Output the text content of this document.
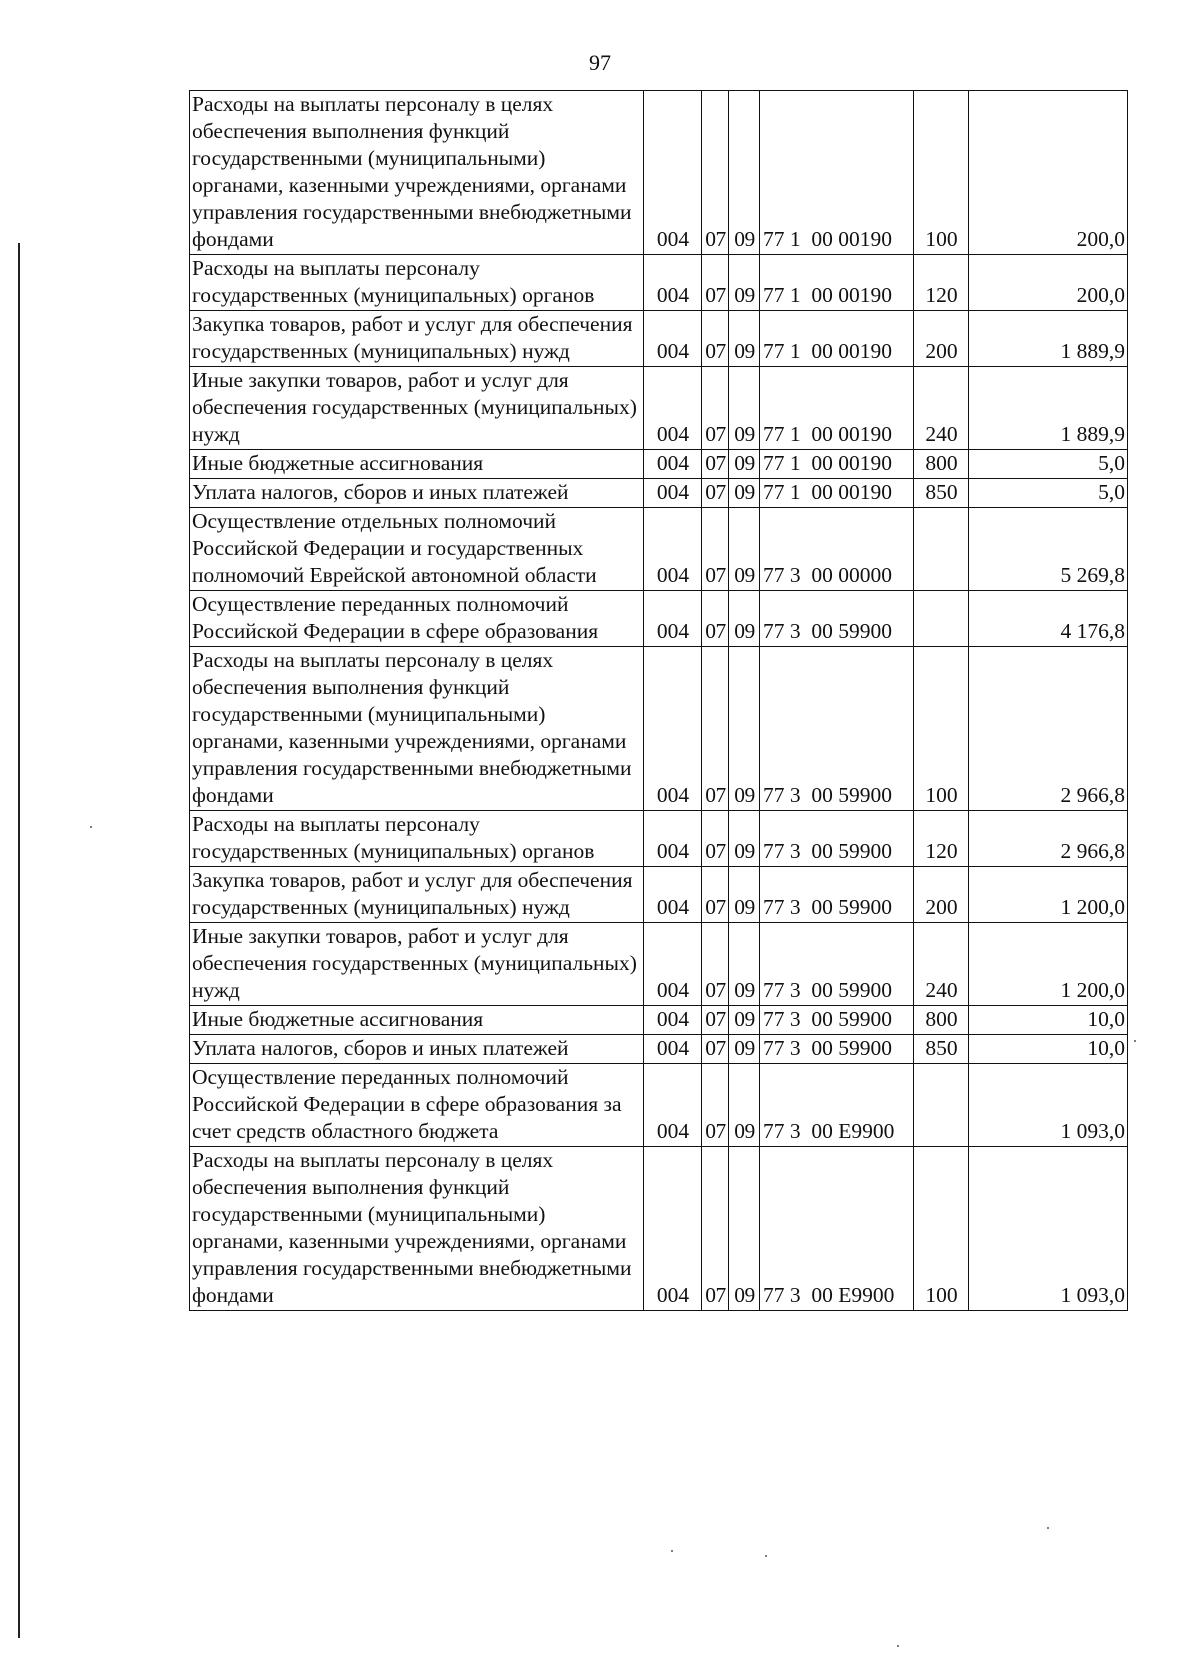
97
Расходы на выплаты персоналу в целях обеспечения выполнения функций государственными (муниципальными) органами, казенными учреждениями, органами управления государственными внебюджетными фондами	004	07	09	77 1  00 00190	100	200,0
Расходы на выплаты персоналу государственных (муниципальных) органов	004	07	09	77 1  00 00190	120	200,0
Закупка товаров, работ и услуг для обеспечения государственных (муниципальных) нужд	004	07	09	77 1  00 00190	200	1 889,9
Иные закупки товаров, работ и услуг для обеспечения государственных (муниципальных) нужд	004	07	09	77 1  00 00190	240	1 889,9
Иные бюджетные ассигнования	004	07	09	77 1  00 00190	800	5,0
Уплата налогов, сборов и иных платежей	004	07	09	77 1  00 00190	850	5,0
Осуществление отдельных полномочий Российской Федерации и государственных полномочий Еврейской автономной области	004	07	09	77 3  00 00000		5 269,8
Осуществление переданных полномочий Российской Федерации в сфере образования	004	07	09	77 3  00 59900		4 176,8
Расходы на выплаты персоналу в целях обеспечения выполнения функций государственными (муниципальными) органами, казенными учреждениями, органами управления государственными внебюджетными фондами	004	07	09	77 3  00 59900	100	2 966,8
Расходы на выплаты персоналу государственных (муниципальных) органов	004	07	09	77 3  00 59900	120	2 966,8
Закупка товаров, работ и услуг для обеспечения государственных (муниципальных) нужд	004	07	09	77 3  00 59900	200	1 200,0
Иные закупки товаров, работ и услуг для обеспечения государственных (муниципальных) нужд	004	07	09	77 3  00 59900	240	1 200,0
Иные бюджетные ассигнования	004	07	09	77 3  00 59900	800	10,0
Уплата налогов, сборов и иных платежей	004	07	09	77 3  00 59900	850	10,0
Осуществление переданных полномочий Российской Федерации в сфере образования за счет средств областного бюджета	004	07	09	77 3  00 E9900		1 093,0
Расходы на выплаты персоналу в целях обеспечения выполнения функций государственными (муниципальными) органами, казенными учреждениями, органами управления государственными внебюджетными фондами	004	07	09	77 3  00 E9900	100	1 093,0
